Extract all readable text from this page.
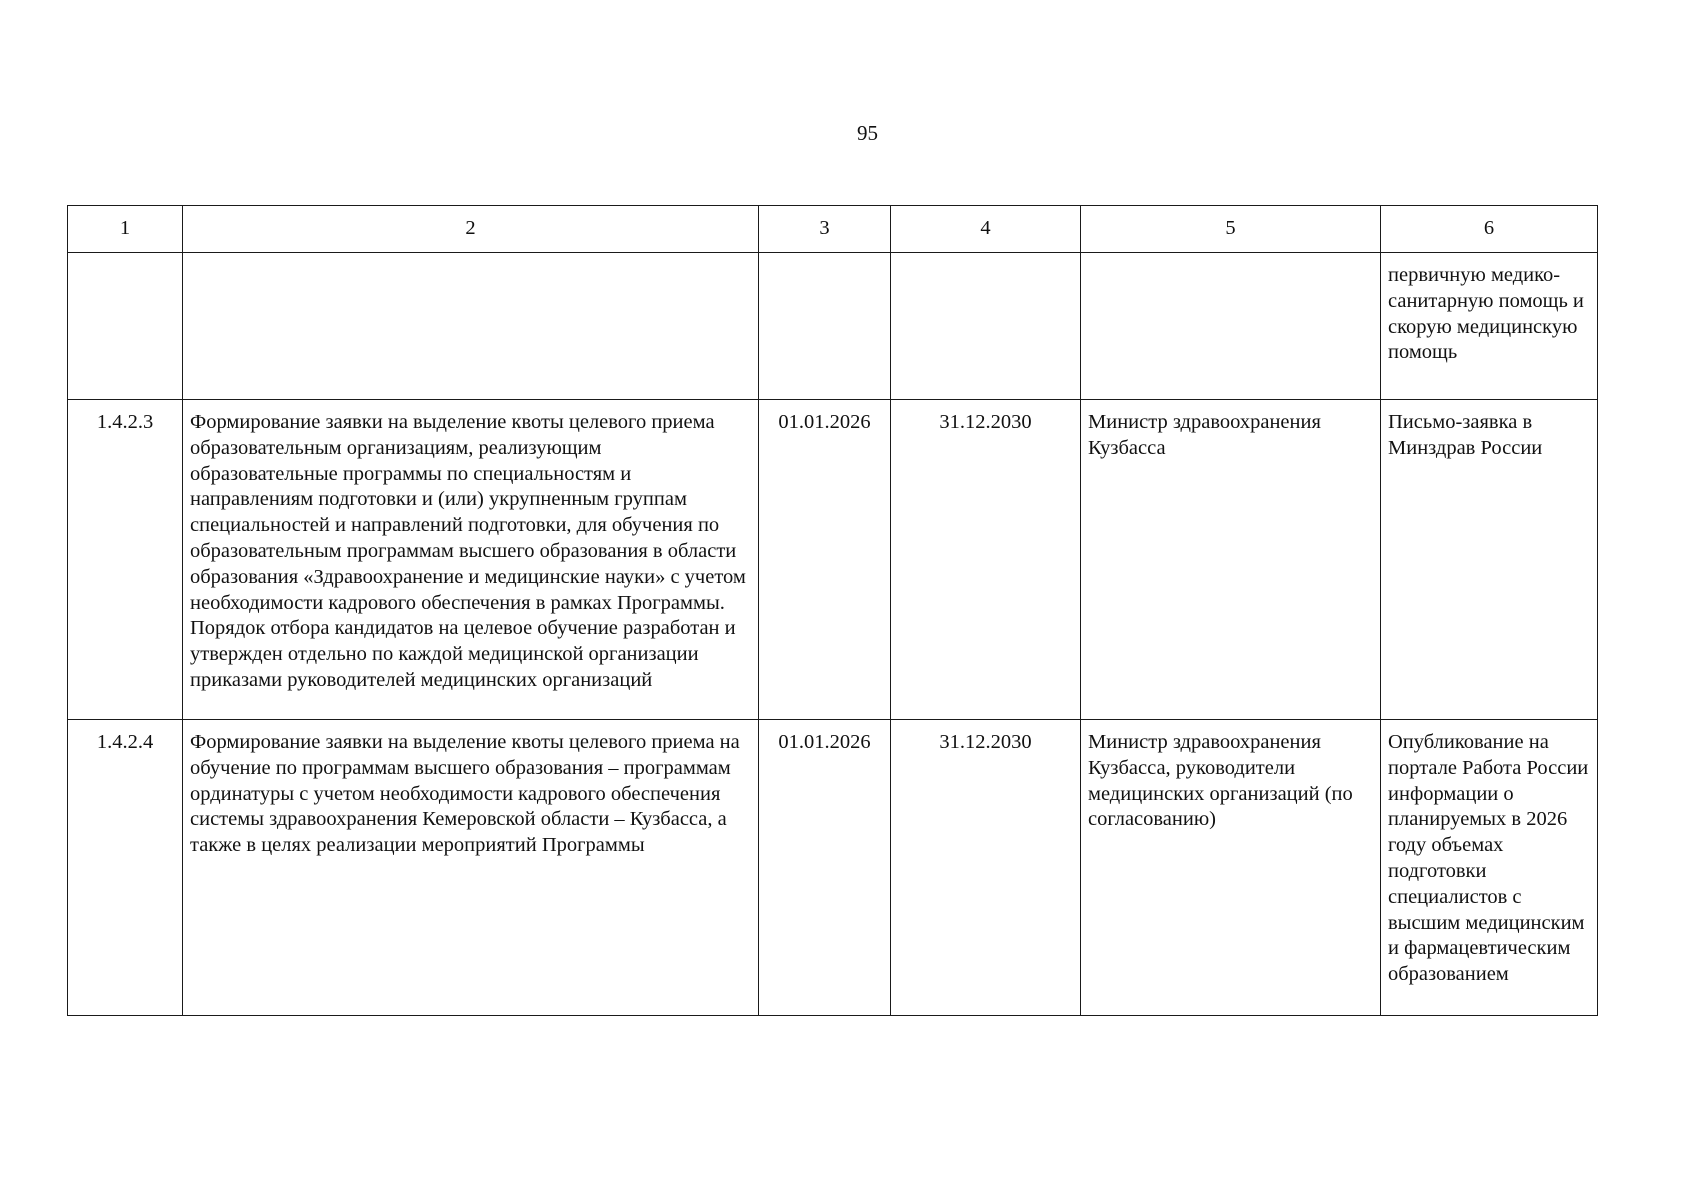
95
1	2	3	4	5	6
					первичную медико-санитарную помощь и скорую медицинскую помощь
1.4.2.3	Формирование заявки на выделение квоты целевого приема образовательным организациям, реализующим образовательные программы по специальностям и направлениям подготовки и (или) укрупненным группам специальностей и направлений подготовки, для обучения по образовательным программам высшего образования в области образования «Здравоохранение и медицинские науки» с учетом необходимости кадрового обеспечения в рамках Программы. Порядок отбора кандидатов на целевое обучение разработан и утвержден отдельно по каждой медицинской организации приказами руководителей медицинских организаций	01.01.2026	31.12.2030	Министр здравоохранения Кузбасса	Письмо-заявка в Минздрав России
1.4.2.4	Формирование заявки на выделение квоты целевого приема на обучение по программам высшего образования – программам ординатуры с учетом необходимости кадрового обеспечения системы здравоохранения Кемеровской области – Кузбасса, а также в целях реализации мероприятий Программы	01.01.2026	31.12.2030	Министр здравоохранения Кузбасса, руководители медицинских организаций (по согласованию)	Опубликование на портале Работа России информации о планируемых в 2026 году объемах подготовки специалистов с высшим медицинским и фармацевтическим образованием
